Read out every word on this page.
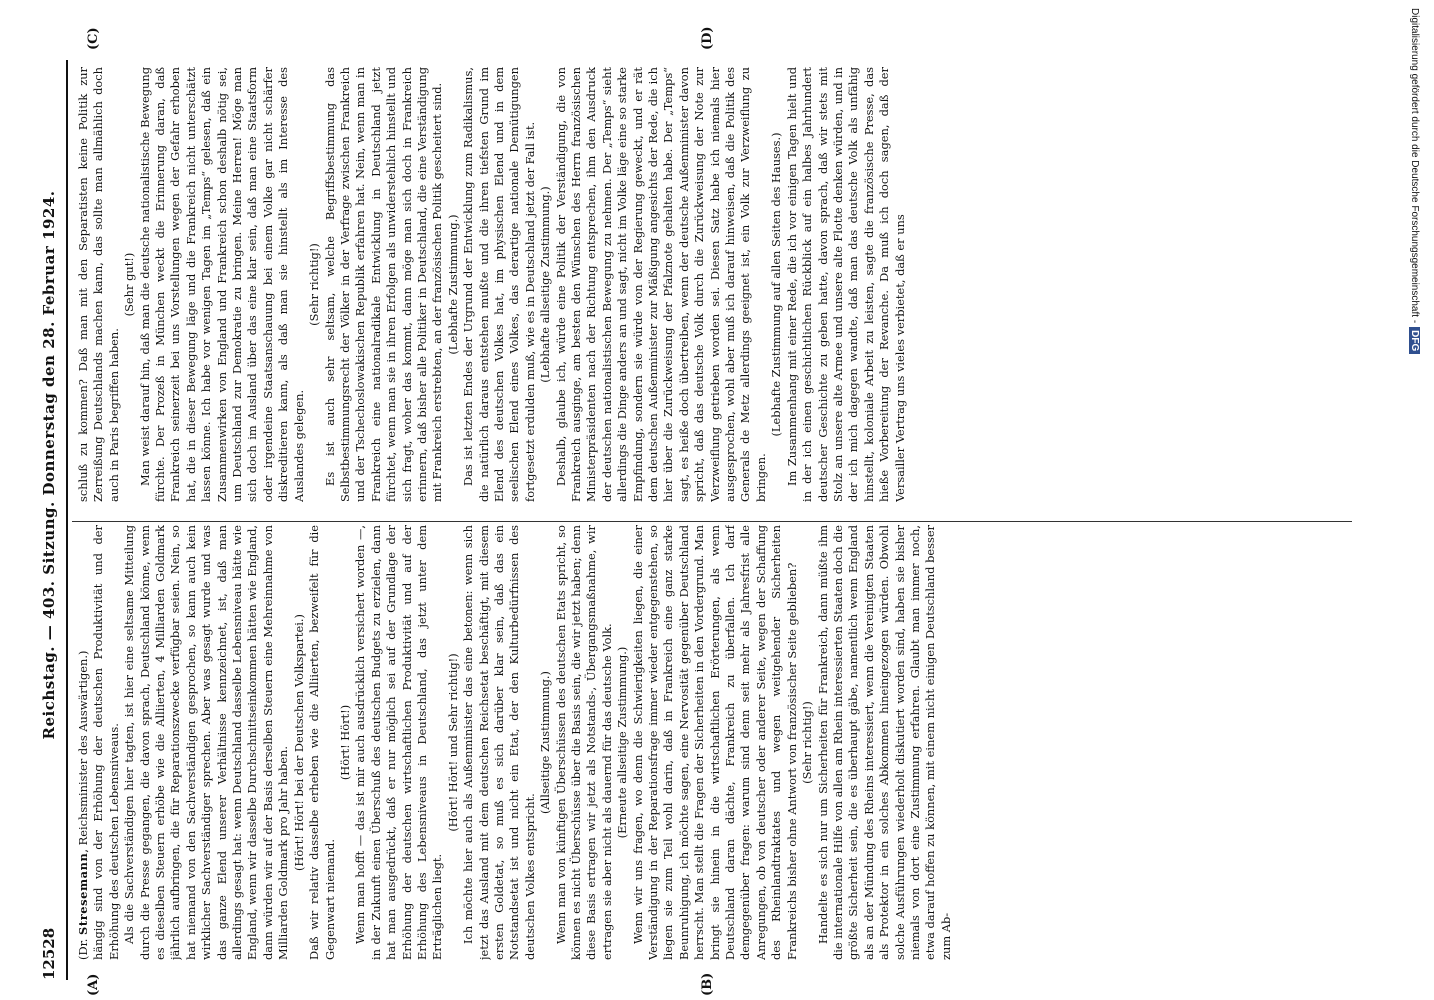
12528
Reichstag. — 403. Sitzung. Donnerstag den 28. Februar 1924.
(A)	(B)
(C)	(D)

(Dr. Stresemann, Reichsminister des Auswärtigen.) hängig sind von der Erhöhung der deutschen Produktivität und der Erhöhung des deutschen Lebensniveaus. Als die Sachverständigen hier tagten, ist hier eine seltsame Mitteilung durch die Presse gegangen, die davon sprach, Deutschland könne, wenn es dieselben Steuern erhöbe wie die Alliierten, 4 Milliarden Goldmark jährlich aufbringen, die für Reparationszwecke verfügbar seien. Nein, so hat niemand von den Sachverständigen gesprochen, so kann auch kein wirklicher Sachverständiger sprechen. Aber was gesagt wurde und was das ganze Elend unserer Verhältnisse kennzeichnet, ist, daß man allerdings gesagt hat: wenn Deutschland dasselbe Lebensniveau hätte wie England, wenn wir dasselbe Durchschnittseinkommen hätten wie England, dann würden wir auf der Basis derselben Steuern eine Mehreinnahme von Milliarden Goldmark pro Jahr haben. (Hört! Hört! bei der Deutschen Volkspartei.) Daß wir relativ dasselbe erheben wie die Alliierten, bezweifelt für die Gegenwart niemand.

(Hört! Hört!) Wenn man hofft — das ist mir auch ausdrücklich versichert worden —, in der Zukunft einen Überschuß des deutschen Budgets zu erzielen, dann hat man ausgedrückt, daß er nur möglich sei auf der Grundlage der Erhöhung der deutschen wirtschaftlichen Produktivität und auf der Erhöhung des Lebensniveaus in Deutschland, das jetzt unter dem Erträglichen liegt.

(Hört! Hört! und Sehr richtig!) Ich möchte hier auch als Außenminister das eine betonen: wenn sich jetzt das Ausland mit dem deutschen Reichsetat beschäftigt, mit diesem ersten Goldetat, so muß es sich darüber klar sein, daß das ein Notstandsetat ist und nicht ein Etat, der den Kulturbedürfnissen des deutschen Volkes entspricht.

(Allseitige Zustimmung.) Wenn man von künftigen Überschüssen des deutschen Etats spricht, so können es nicht Überschüsse über die Basis sein, die wir jetzt haben; denn diese Basis ertragen wir jetzt als Notstands-, Übergangsmaßnahme, wir ertragen sie aber nicht als dauernd für das deutsche Volk. (Erneute allseitige Zustimmung.) Wenn wir uns fragen, wo denn die Schwierigkeiten liegen, die einer Verständigung in der Reparationsfrage immer wieder entgegenstehen, so liegen sie zum Teil wohl darin, daß in Frankreich eine ganz starke Beunruhigung, ich möchte sagen, eine Nervosität gegenüber Deutschland herrscht. Man stellt die Fragen der Sicherheiten in den Vordergrund. Man bringt sie hinein in die wirtschaftlichen Erörterungen, als wenn Deutschland daran dächte, Frankreich zu überfallen. Ich darf demgegenüber fragen: warum sind denn seit mehr als Jahresfrist alle Anregungen, ob von deutscher oder anderer Seite, wegen der Schaffung des Rheinlandtraktates und wegen weitgehender Sicherheiten Frankreichs bisher ohne Antwort von französischer Seite geblieben? (Sehr richtig!) Handelte es sich nur um Sicherheiten für Frankreich, dann müßte ihm die internationale Hilfe von allen am Rhein interessierten Staaten doch die größte Sicherheit sein, die es überhaupt gäbe, namentlich wenn England als an der Mündung des Rheins interessiert, wenn die Vereinigten Staaten als Protektor in ein solches Abkommen hineingezogen würden. Obwohl solche Ausführungen wiederholt diskutiert worden sind, haben sie bisher niemals von dort eine Zustimmung erfahren. Glaubt man immer noch, etwa darauf hoffen zu können, mit einem nicht einigen Deutschland besser zum Ab-

schluß zu kommen? Daß man mit den Separatisten keine Politik zur Zerreißung Deutschlands machen kann, das sollte man allmählich doch auch in Paris begriffen haben.

(Sehr gut!) Man weist darauf hin, daß man die deutsche nationalistische Bewegung fürchte. Der Prozeß in München weckt die Erinnerung daran, daß Frankreich seinerzeit bei uns Vorstellungen wegen der Gefahr erhoben hat, die in dieser Bewegung läge und die Frankreich nicht unterschätzt lassen könne. Ich habe vor wenigen Tagen im „Temps“ gelesen, daß ein Zusammenwirken von England und Frankreich schon deshalb nötig sei, um Deutschland zur Demokratie zu bringen. Meine Herren! Möge man sich doch im Ausland über das eine klar sein, daß man eine Staatsform oder irgendeine Staatsanschauung bei einem Volke gar nicht schärfer diskreditieren kann, als daß man sie hinstellt als im Interesse des Auslandes gelegen.

(Sehr richtig!) Es ist auch sehr seltsam, welche Begriffsbestimmung das Selbstbestimmungsrecht der Völker in der Verfrage zwischen Frankreich und der Tschechoslowakischen Republik erfahren hat. Nein, wenn man in Frankreich eine nationalradikale Entwicklung in Deutschland jetzt fürchtet, wenn man sie in ihren Erfolgen als unwiderstehlich hinstellt und sich fragt, woher das kommt, dann möge man sich doch in Frankreich erinnern, daß bisher alle Politiker in Deutschland, die eine Verständigung mit Frankreich erstrebten, an der französischen Politik gescheitert sind. (Lebhafte Zustimmung.) Das ist letzten Endes der Urgrund der Entwicklung zum Radikalismus, die natürlich daraus entstehen mußte und die ihren tiefsten Grund im Elend des deutschen Volkes hat, im physischen Elend und in dem seelischen Elend eines Volkes, das derartige nationale Demütigungen fortgesetzt erdulden muß, wie es in Deutschland jetzt der Fall ist. (Lebhafte allseitige Zustimmung.) Deshalb, glaube ich, würde eine Politik der Verständigung, die von Frankreich ausginge, am besten den Wünschen des Herrn französischen Ministerpräsidenten nach der Richtung entsprechen, ihm den Ausdruck der deutschen nationalistischen Bewegung zu nehmen. Der „Temps“ sieht allerdings die Dinge anders an und sagt, nicht im Volke läge eine so starke Empfindung, sondern sie würde von der Regierung geweckt, und er rät dem deutschen Außenminister zur Mäßigung angesichts der Rede, die ich hier über die Zurückweisung der Pfalznote gehalten habe. Der „Temps“ sagt, es heiße doch übertreiben, wenn der deutsche Außenminister davon spricht, daß das deutsche Volk durch die Zurückweisung der Note zur Verzweiflung getrieben worden sei. Diesen Satz habe ich niemals hier ausgesprochen, wohl aber muß ich darauf hinweisen, daß die Politik des Generals de Metz allerdings geeignet ist, ein Volk zur Verzweiflung zu bringen.

(Lebhafte Zustimmung auf allen Seiten des Hauses.) Im Zusammenhang mit einer Rede, die ich vor einigen Tagen hielt und in der ich einen geschichtlichen Rückblick auf ein halbes Jahrhundert deutscher Geschichte zu geben hatte, davon sprach, daß wir stets mit Stolz an unsere alte Armee und unsere alte Flotte denken würden, und in der ich mich dagegen wandte, daß man das deutsche Volk als unfähig hinstellt, koloniale Arbeit zu leisten, sagte die französische Presse, das hieße Vorbereitung der Revanche. Da muß ich doch sagen, daß der Versailler Vertrag uns vieles verbietet, daß er uns

Digitalisierung gefördert durch die Deutsche Forschungsgemeinschaft -DFG
